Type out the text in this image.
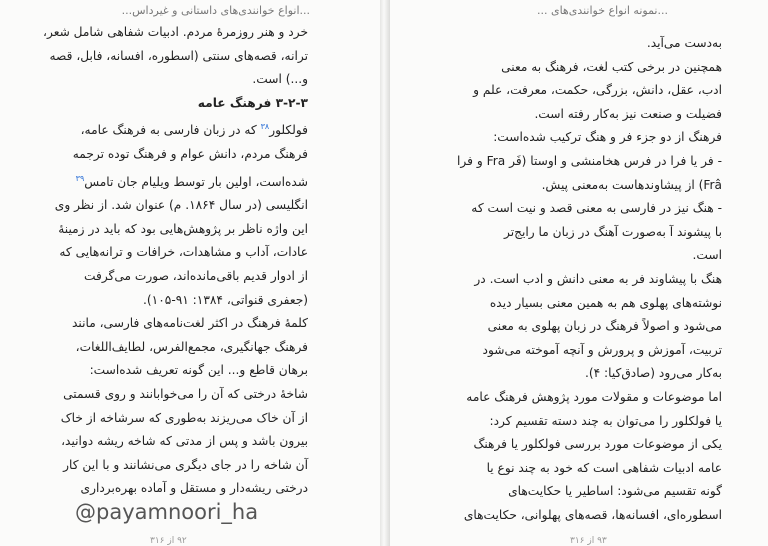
...انواع خوانندی‌های داستانی و غیرداس...
خرد و هنر روزمرهٔ مردم. ادبیات شفاهی شامل شعر،
ترانه، قصه‌های سنتی (اسطوره، افسانه، فابل، قصه
و...) است.
۳-۲-۳ فرهنگ عامه
فولکلور$^{۳۸}$ که در زبان فارسی به فرهنگ عامه،
فرهنگ مردم، دانش عوام و فرهنگ توده ترجمه
شده‌است، اولین بار توسط ویلیام جان تامس$^{۳۹}$
انگلیسی (در سال ۱۸۶۴. م) عنوان شد. از نظر وی
این واژه ناظر بر پژوهش‌هایی بود که باید در زمینهٔ
عادات، آداب و مشاهدات، خرافات و ترانه‌هایی که
از ادوار قدیم باقی‌مانده‌اند، صورت می‌گرفت
(جعفری قنواتی، ۱۳۸۴: ۹۱-۱۰۵).
کلمهٔ فرهنگ در اکثر لغت‌نامه‌های فارسی، مانند
فرهنگ جهانگیری، مجمع‌الفرس، لطایف‌اللغات،
برهان قاطع و... این گونه تعریف شده‌است:
شاخهٔ درختی که آن را می‌خوابانند و روی قسمتی
از آن خاک می‌ریزند به‌طوری که سرشاخه از خاک
بیرون باشد و پس از مدتی که شاخه ریشه دوانید،
آن شاخه را در جای دیگری می‌نشانند و با این کار
درختی ریشه‌دار و مستقل و آماده بهره‌برداری
@payamnoori_ha
۹۲ از ۳۱۶
...نمونه انواع خوانندی‌های ...
به‌دست می‌آید.
همچنین در برخی کتب لغت، فرهنگ به معنی
ادب، عقل، دانش، بزرگی، حکمت، معرفت، علم و
فضیلت و صنعت نیز به‌کار رفته است.
فرهنگ از دو جزء فر و هنگ ترکیب شده‌است:
- فر یا فرا در فرس هخامنشی و اوستا (فَر Fra و فرا
Frâ) از پیشاوندهاست به‌معنی پیش.
- هنگ نیز در فارسی به معنی قصد و نیت است که
با پیشوند آ به‌صورت آهنگ در زبان ما رایج‌تر
است.
هنگ با پیشاوند فر به معنی دانش و ادب است. در
نوشته‌های پهلوی هم به همین معنی بسیار دیده
می‌شود و اصولاً فرهنگ در زبان پهلوی به معنی
تربیت، آموزش و پرورش و آنچه آموخته می‌شود
به‌کار می‌رود (صادق‌کیا: ۴).
اما موضوعات و مقولات مورد پژوهش فرهنگ عامه
یا فولکلور را می‌توان به چند دسته تقسیم کرد:
یکی از موضوعات مورد بررسی فولکلور یا فرهنگ
عامه ادبیات شفاهی است که خود به چند نوع یا
گونه تقسیم می‌شود: اساطیر یا حکایت‌های
اسطوره‌ای، افسانه‌ها، قصه‌های پهلوانی، حکایت‌های
۹۳ از ۳۱۶
